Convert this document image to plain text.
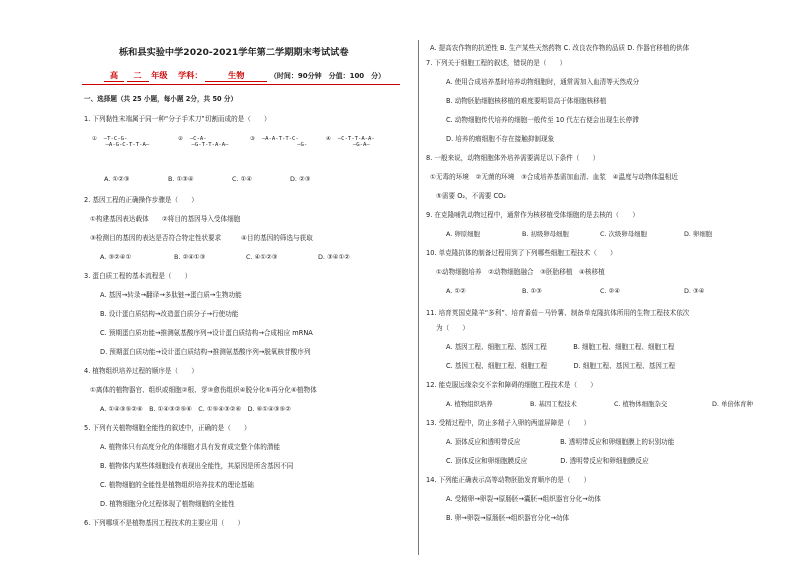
栎和县实验中学2020-2021学年第二学期期末考试试卷
高 二 年级 学科：	生物	（时间：90分钟　分值：100　分）
一、选择题（共 25 小题，每小题 2分，共 50 分）
1. 下列黏性末端属于同一种“分子手术刀”切割而成的是（　　）
①  —T-C-G-
—A-G-C-T-T-A—
②  —C-A-
—G-T-T-A-A—
③  —A-A-T-T-C-
—G-
④  —C-T-T-A-A-
—G-A—
A. ①②③	B. ①③④	C. ①④	D. ②③
2. 基因工程的正确操作步骤是（　　）
①构建基因表达载体　　②将目的基因导入受体细胞
③检测目的基因的表达是否符合特定性状要求　　　④目的基因的筛选与获取
A. ③②④①	B. ②④①③	C. ④①②③	D. ③④①②
3. 蛋白质工程的基本流程是（　　）
A. 基因→转录→翻译→多肽链→蛋白质→生物功能
B. 设计蛋白质结构→改造蛋白质分子→行使功能
C. 预期蛋白质功能→推测氨基酸序列→设计蛋白质结构→合成相应 mRNA
D. 预期蛋白质功能→设计蛋白质结构→推测氨基酸序列→脱氧核苷酸序列
4. 植物组织培养过程的顺序是（　　）
①离体的植物器官、组织或细胞②根、芽③愈伤组织④脱分化⑤再分化⑥植物体
A. ①④③⑤②⑥　B. ①④③②⑤⑥　C. ①⑤④③②⑥　D. ⑥①④③⑤②
5. 下列有关植物细胞全能性的叙述中，正确的是（　　）
A. 植物体只有高度分化的体细胞才具有发育成完整个体的潜能
B. 植物体内某些体细胞没有表现出全能性，其原因是所含基因不同
C. 植物细胞的全能性是植物组织培养技术的理论基础
D. 植物细胞分化过程体现了植物细胞的全能性
6. 下列哪项不是植物基因工程技术的主要应用（　　）
A. 提高农作物的抗逆性 B. 生产某些天然药物 C. 改良农作物的品质 D. 作器官移植的供体
7. 下列关于细胞工程的叙述，错误的是（　　）
A. 使用合成培养基时培养动物细胞时，通常需加入血清等天然成分
B. 动物胚胎细胞核移植的难度要明显高于体细胞核移植
C. 动物细胞传代培养的细胞一般传至 10 代左右便会出现生长停滞
D. 培养的瘤细胞不存在接触抑制现象
8. 一般来说，动物细胞体外培养需要满足以下条件（　　）
①无毒的环境　②无菌的环境　③合成培养基需加血清、血浆　④温度与动物体温相近
⑤需要 O₂，不需要 CO₂
9. 在克隆哺乳动物过程中，通常作为核移植受体细胞的是去核的（　　）
A. 卵原细胞	B. 初级卵母细胞	C. 次级卵母细胞	D. 卵细胞
10. 单克隆抗体的制备过程用到了下列哪些细胞工程技术（　　）
①动物细胞培养　②动物细胞融合　③胚胎移植　④核移植
A. ①②	B. ①③	C. ②④	D. ③④
11. 培育英国克隆羊“多利”、培育番茄－马铃薯、制备单克隆抗体所用的生物工程技术依次
为（　　）
A. 基因工程、细胞工程、基因工程　　　　B. 细胞工程、细胞工程、细胞工程
C. 基因工程、细胞工程、细胞工程　　　　D. 细胞工程、基因工程、基因工程
12. 能克服远缘杂交不亲和障碍的细胞工程技术是（　　）
A. 植物组织培养	B. 基因工程技术	C. 植物体细胞杂交	D. 单倍体育种
13. 受精过程中，防止多精子入卵的两道屏障是（　　）
A. 顶体反应和透明带反应　　　　　　B. 透明带反应和卵细胞膜上的识别功能
C. 顶体反应和卵细胞膜反应　　　　　D. 透明带反应和卵细胞膜反应
14. 下列能正确表示高等动物胚胎发育顺序的是（　　）
A. 受精卵→卵裂→原肠胚→囊胚→组织器官分化→幼体
B. 卵→卵裂→原肠胚→组织器官分化→幼体
